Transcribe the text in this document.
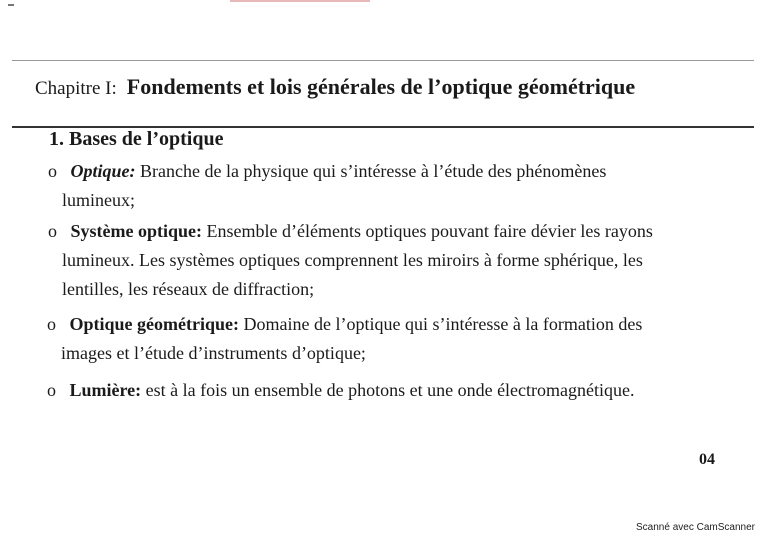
Chapitre I: Fondements et lois générales de l’optique géométrique
1. Bases de l’optique
o Optique: Branche de la physique qui s’intéresse à l’étude des phénomènes
lumineux;
o Système optique: Ensemble d’éléments optiques pouvant faire dévier les rayons
lumineux. Les systèmes optiques comprennent les miroirs à forme sphérique, les
lentilles, les réseaux de diffraction;
o Optique géométrique: Domaine de l’optique qui s’intéresse à la formation des
images et l’étude d’instruments d’optique;
o Lumière: est à la fois un ensemble de photons et une onde électromagnétique.
04
Scanné avec CamScanner
